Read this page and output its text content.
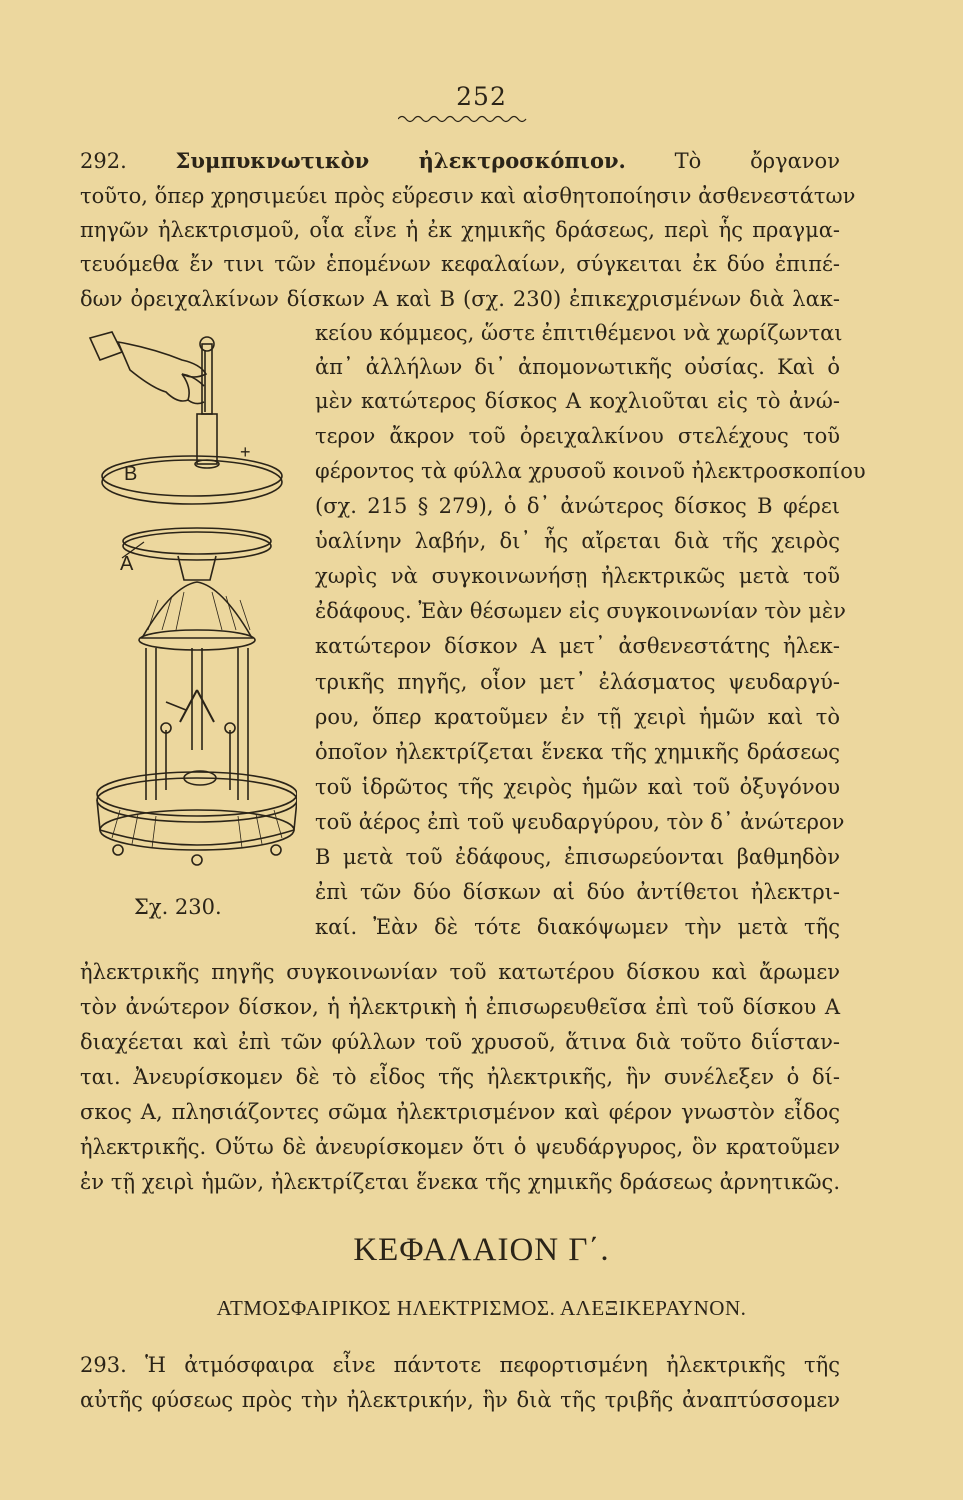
252
292. Συμπυκνωτικὸν ἠλεκτροσκόπιον. Τὸ ὄργανον
τοῦτο, ὅπερ χρησιμεύει πρὸς εὕρεσιν καὶ αἰσθητοποίησιν ἀσθενεστάτων
πηγῶν ἠλεκτρισμοῦ, οἷα εἶνε ἡ ἐκ χημικῆς δράσεως, περὶ ἧς πραγμα-
τευόμεθα ἔν τινι τῶν ἑπομένων κεφαλαίων, σύγκειται ἐκ δύο ἐπιπέ-
δων ὀρειχαλκίνων δίσκων Α καὶ Β (σχ. 230) ἐπικεχρισμένων διὰ λακ-
κείου κόμμεος, ὥστε ἐπιτιθέμενοι νὰ χωρίζωνται
ἀπ᾽ ἀλλήλων δι᾽ ἀπομονωτικῆς οὐσίας. Καὶ ὁ
μὲν κατώτερος δίσκος Α κοχλιοῦται εἰς τὸ ἀνώ-
τερον ἄκρον τοῦ ὀρειχαλκίνου στελέχους τοῦ
φέροντος τὰ φύλλα χρυσοῦ κοινοῦ ἠλεκτροσκοπίου
(σχ. 215 § 279), ὁ δ᾽ ἀνώτερος δίσκος Β φέρει
ὑαλίνην λαβήν, δι᾽ ἧς αἴρεται διὰ τῆς χειρὸς
χωρὶς νὰ συγκοινωνήσῃ ἠλεκτρικῶς μετὰ τοῦ
ἐδάφους. Ἐὰν θέσωμεν εἰς συγκοινωνίαν τὸν μὲν
κατώτερον δίσκον Α μετ᾽ ἀσθενεστάτης ἠλεκ-
τρικῆς πηγῆς, οἷον μετ᾽ ἐλάσματος ψευδαργύ-
ρου, ὅπερ κρατοῦμεν ἐν τῇ χειρὶ ἡμῶν καὶ τὸ
ὁποῖον ἠλεκτρίζεται ἕνεκα τῆς χημικῆς δράσεως
τοῦ ἱδρῶτος τῆς χειρὸς ἡμῶν καὶ τοῦ ὀξυγόνου
τοῦ ἀέρος ἐπὶ τοῦ ψευδαργύρου, τὸν δ᾽ ἀνώτερον
Β μετὰ τοῦ ἐδάφους, ἐπισωρεύονται βαθμηδὸν
ἐπὶ τῶν δύο δίσκων αἱ δύο ἀντίθετοι ἠλεκτρι-
καί. Ἐὰν δὲ τότε διακόψωμεν τὴν μετὰ τῆς
B
A
+
Σχ. 230.
ἠλεκτρικῆς πηγῆς συγκοινωνίαν τοῦ κατωτέρου δίσκου καὶ ἄρωμεν
τὸν ἀνώτερον δίσκον, ἡ ἠλεκτρικὴ ἡ ἐπισωρευθεῖσα ἐπὶ τοῦ δίσκου Α
διαχέεται καὶ ἐπὶ τῶν φύλλων τοῦ χρυσοῦ, ἅτινα διὰ τοῦτο διΐσταν-
ται. Ἀνευρίσκομεν δὲ τὸ εἶδος τῆς ἠλεκτρικῆς, ἣν συνέλεξεν ὁ δί-
σκος Α, πλησιάζοντες σῶμα ἠλεκτρισμένον καὶ φέρον γνωστὸν εἶδος
ἠλεκτρικῆς. Οὕτω δὲ ἀνευρίσκομεν ὅτι ὁ ψευδάργυρος, ὃν κρατοῦμεν
ἐν τῇ χειρὶ ἡμῶν, ἠλεκτρίζεται ἕνεκα τῆς χημικῆς δράσεως ἀρνητικῶς.
ΚΕΦΑΛΑΙΟΝ Γ΄.
ΑΤΜΟΣΦΑΙΡΙΚΟΣ ΗΛΕΚΤΡΙΣΜΟΣ. ΑΛΕΞΙΚΕΡΑΥΝΟΝ.
293. Ἡ ἀτμόσφαιρα εἶνε πάντοτε πεφορτισμένη ἠλεκτρικῆς τῆς
αὐτῆς φύσεως πρὸς τὴν ἠλεκτρικήν, ἣν διὰ τῆς τριβῆς ἀναπτύσσομεν
